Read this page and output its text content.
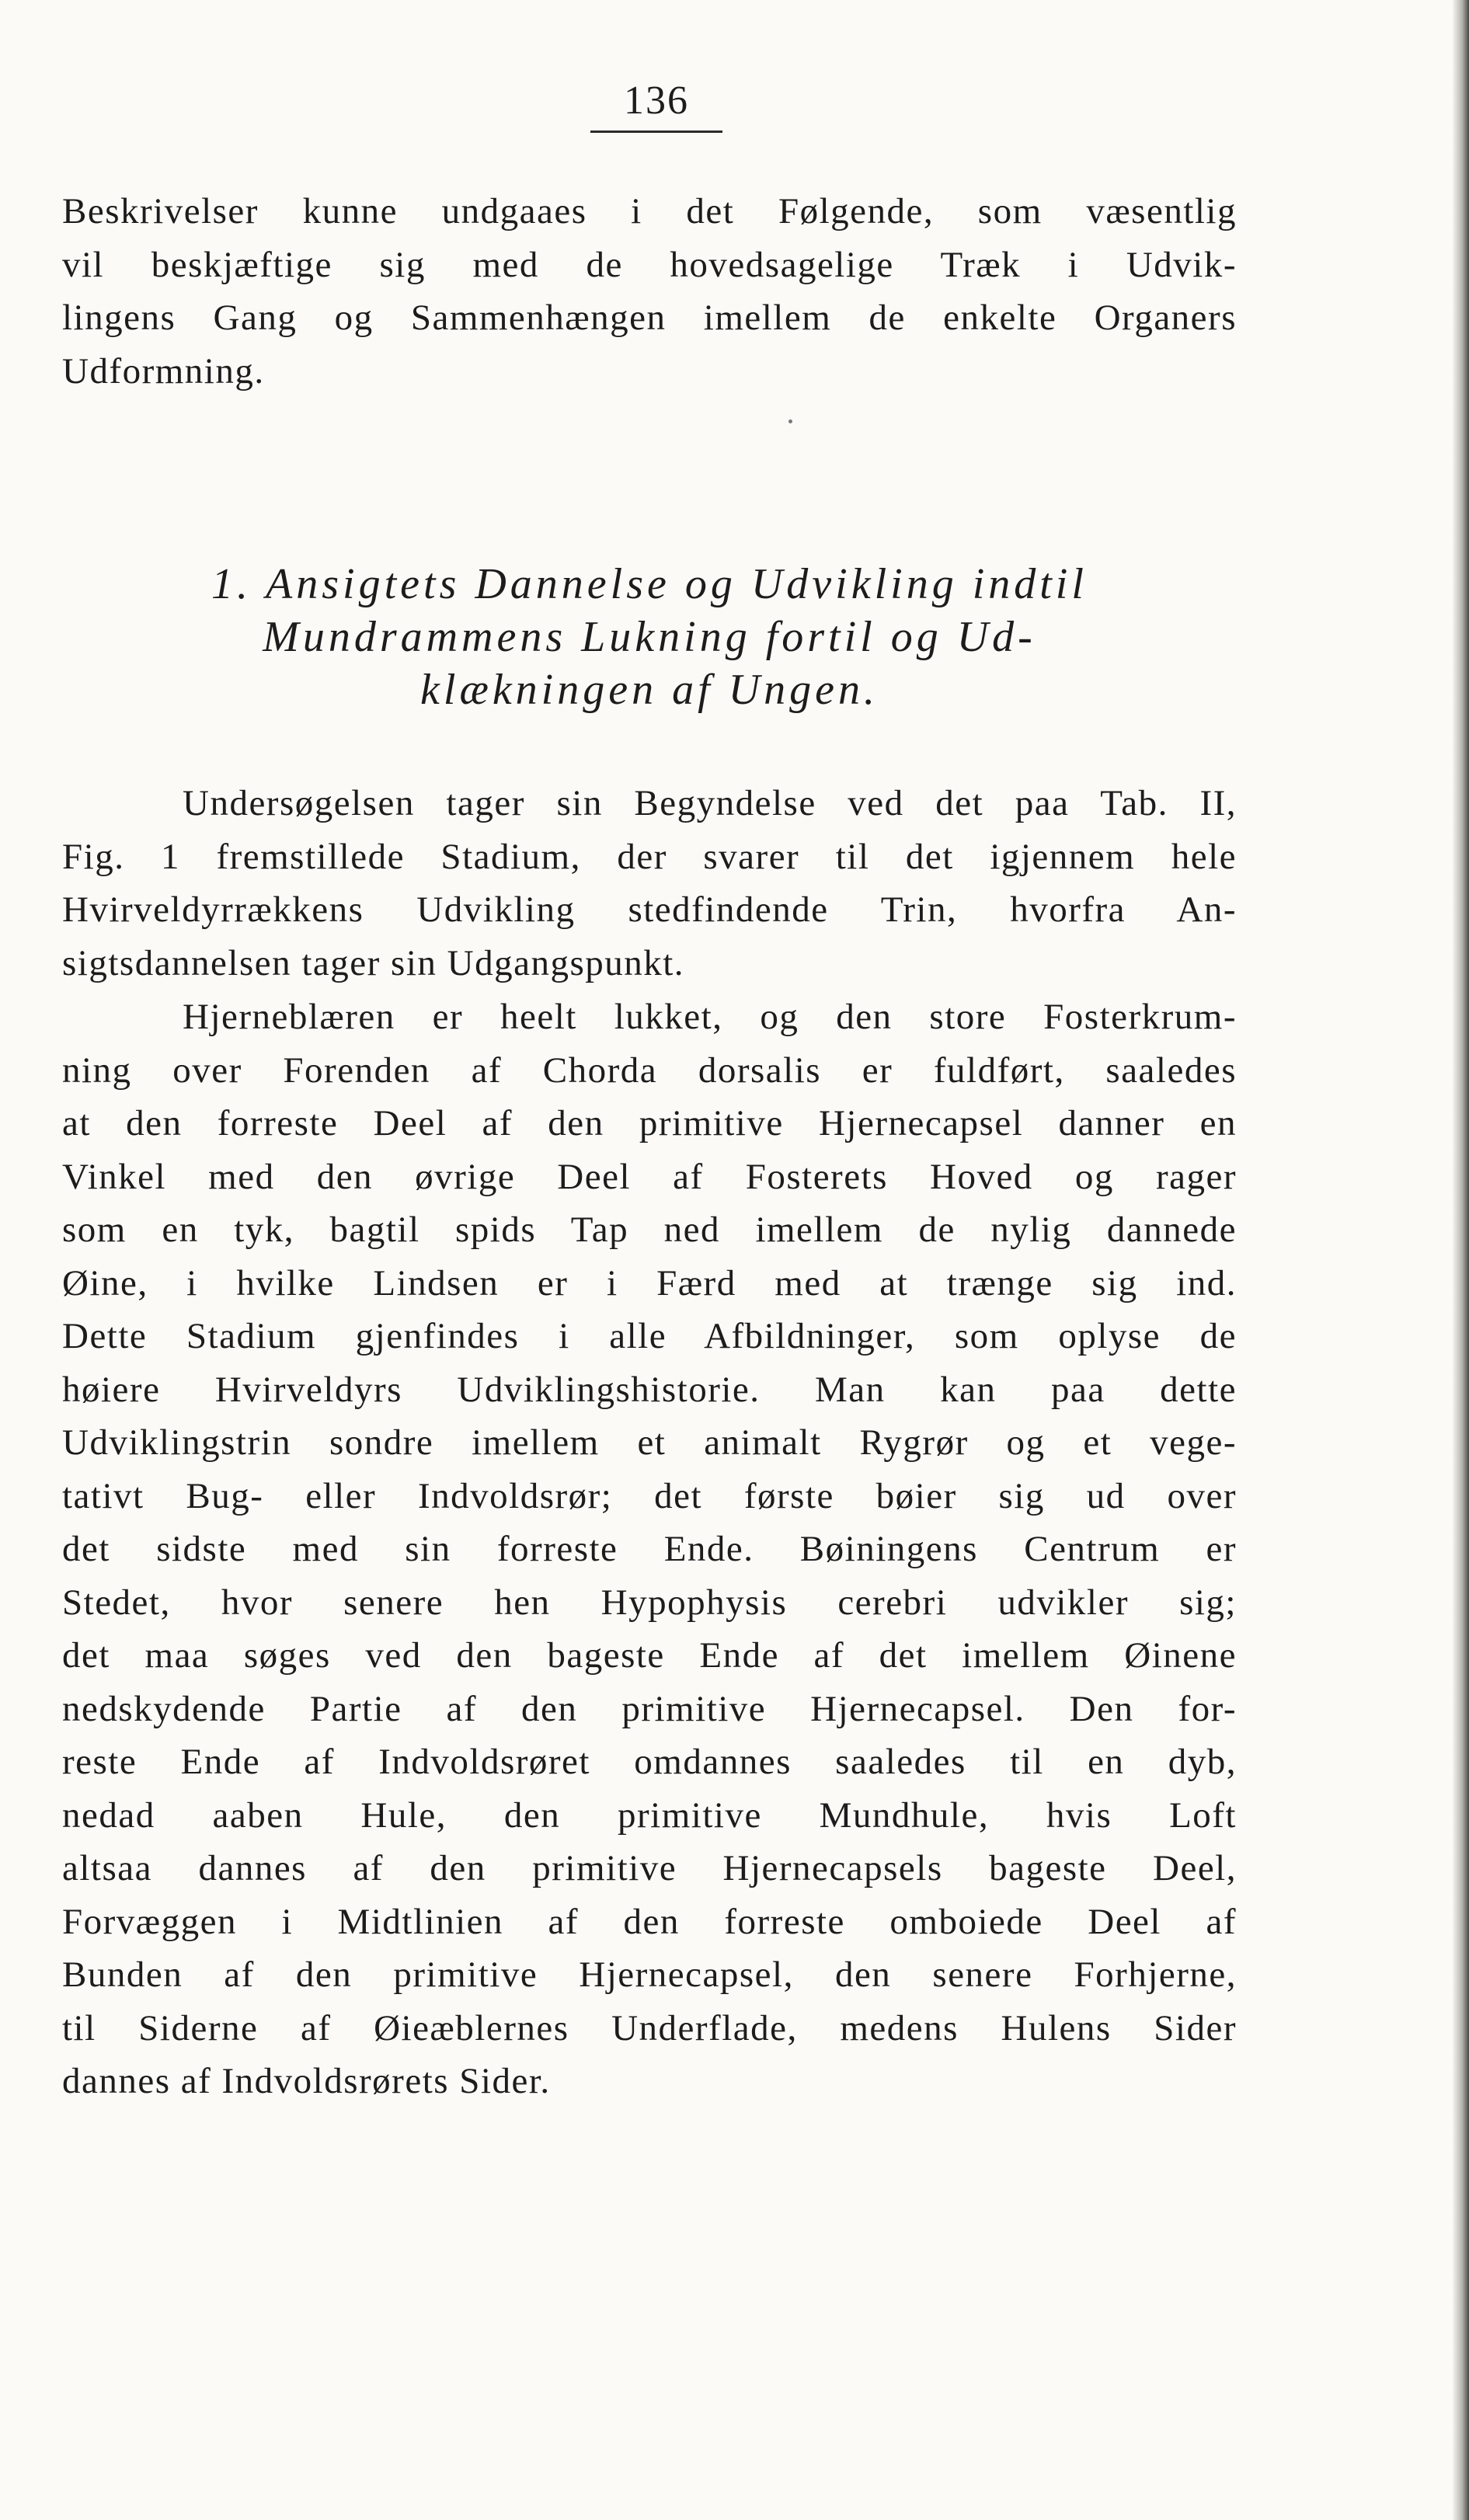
136
Beskrivelser kunne undgaaes i det Følgende, som væsentlig
vil beskjæftige sig med de hovedsagelige Træk i Udvik-
lingens Gang og Sammenhængen imellem de enkelte Organers
Udformning.
1. Ansigtets Dannelse og Udvikling indtil
Mundrammens Lukning fortil og Ud-
klækningen af Ungen.
Undersøgelsen tager sin Begyndelse ved det paa Tab. II,
Fig. 1 fremstillede Stadium, der svarer til det igjennem hele
Hvirveldyrrækkens Udvikling stedfindende Trin, hvorfra An-
sigtsdannelsen tager sin Udgangspunkt.
Hjerneblæren er heelt lukket, og den store Fosterkrum-
ning over Forenden af Chorda dorsalis er fuldført, saaledes
at den forreste Deel af den primitive Hjernecapsel danner en
Vinkel med den øvrige Deel af Fosterets Hoved og rager
som en tyk, bagtil spids Tap ned imellem de nylig dannede
Øine, i hvilke Lindsen er i Færd med at trænge sig ind.
Dette Stadium gjenfindes i alle Afbildninger, som oplyse de
høiere Hvirveldyrs Udviklingshistorie. Man kan paa dette
Udviklingstrin sondre imellem et animalt Rygrør og et vege-
tativt Bug- eller Indvoldsrør; det første bøier sig ud over
det sidste med sin forreste Ende. Bøiningens Centrum er
Stedet, hvor senere hen Hypophysis cerebri udvikler sig;
det maa søges ved den bageste Ende af det imellem Øinene
nedskydende Partie af den primitive Hjernecapsel. Den for-
reste Ende af Indvoldsrøret omdannes saaledes til en dyb,
nedad aaben Hule, den primitive Mundhule, hvis Loft
altsaa dannes af den primitive Hjernecapsels bageste Deel,
Forvæggen i Midtlinien af den forreste omboiede Deel af
Bunden af den primitive Hjernecapsel, den senere Forhjerne,
til Siderne af Øieæblernes Underflade, medens Hulens Sider
dannes af Indvoldsrørets Sider.
